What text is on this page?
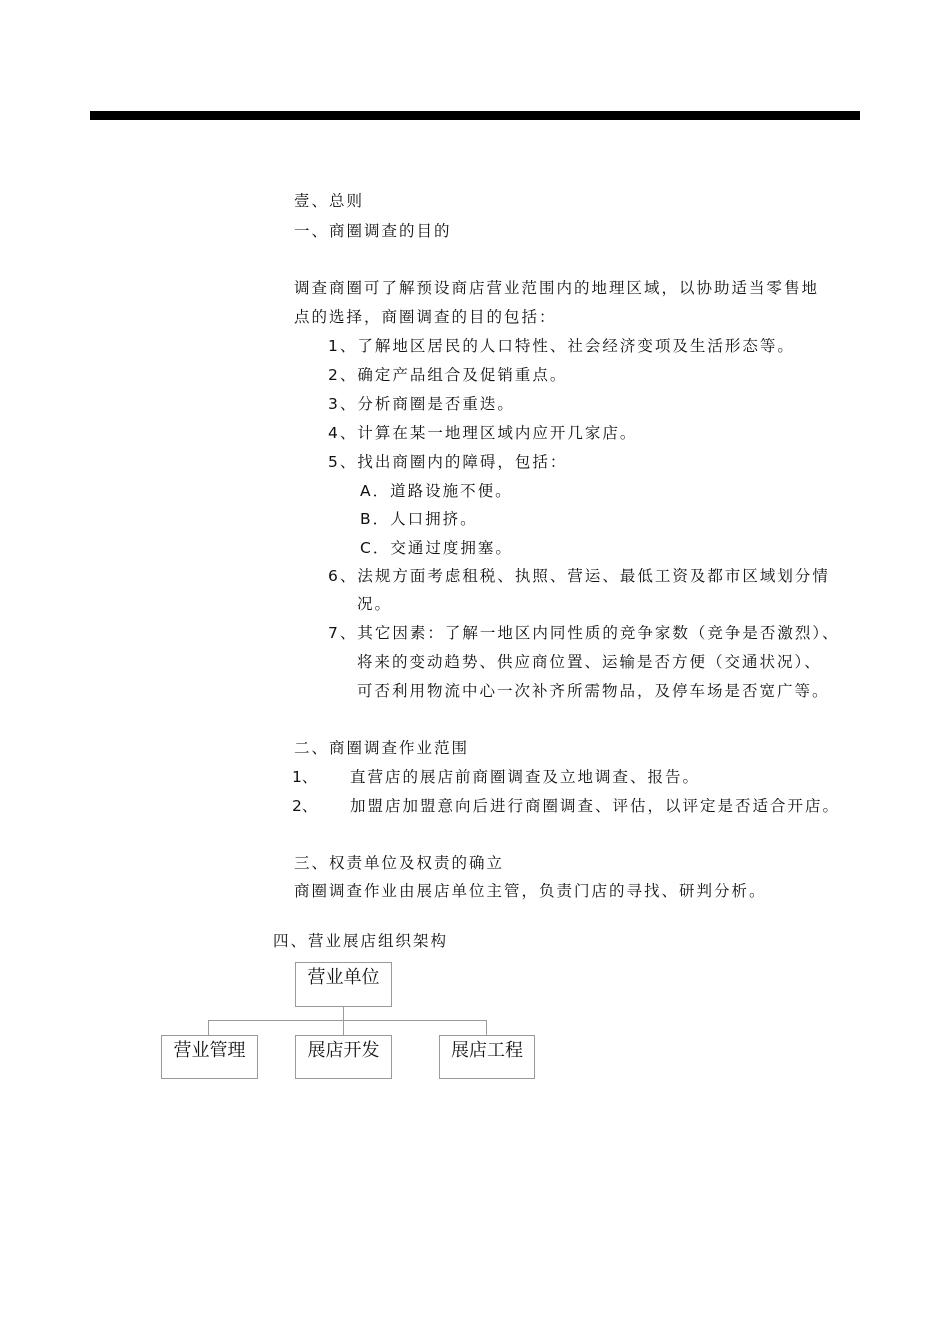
壹、总则
一、商圈调查的目的
调查商圈可了解预设商店营业范围内的地理区域，以协助适当零售地
点的选择，商圈调查的目的包括：
1、了解地区居民的人口特性、社会经济变项及生活形态等。
2、确定产品组合及促销重点。
3、分析商圈是否重迭。
4、计算在某一地理区域内应开几家店。
5、找出商圈内的障碍，包括：
A．道路设施不便。
B．人口拥挤。
C．交通过度拥塞。
6、法规方面考虑租税、执照、营运、最低工资及都市区域划分情
况。
7、其它因素：了解一地区内同性质的竞争家数（竞争是否激烈）、
将来的变动趋势、供应商位置、运输是否方便（交通状况）、
可否利用物流中心一次补齐所需物品，及停车场是否宽广等。
二、商圈调查作业范围
1、 直营店的展店前商圈调查及立地调查、报告。
2、 加盟店加盟意向后进行商圈调查、评估，以评定是否适合开店。
三、权责单位及权责的确立
商圈调查作业由展店单位主管，负责门店的寻找、研判分析。
四、营业展店组织架构
营业单位
营业管理	展店开发	展店工程
